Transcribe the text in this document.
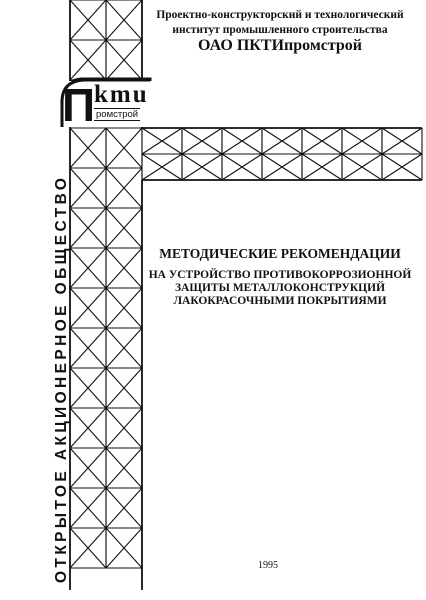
П
kmu
ромстрой
Проектно-конструкторский и технологический
институт промышленного строительства
ОАО ПКТИпромстрой
ОТКРЫТОЕ АКЦИОНЕРНОЕ ОБЩЕСТВО	МЕТОДИЧЕСКИЕ РЕКОМЕНДАЦИИ
НА УСТРОЙСТВО ПРОТИВОКОРРОЗИОННОЙ
ЗАЩИТЫ МЕТАЛЛОКОНСТРУКЦИЙ
ЛАКОКРАСОЧНЫМИ ПОКРЫТИЯМИ
1995
